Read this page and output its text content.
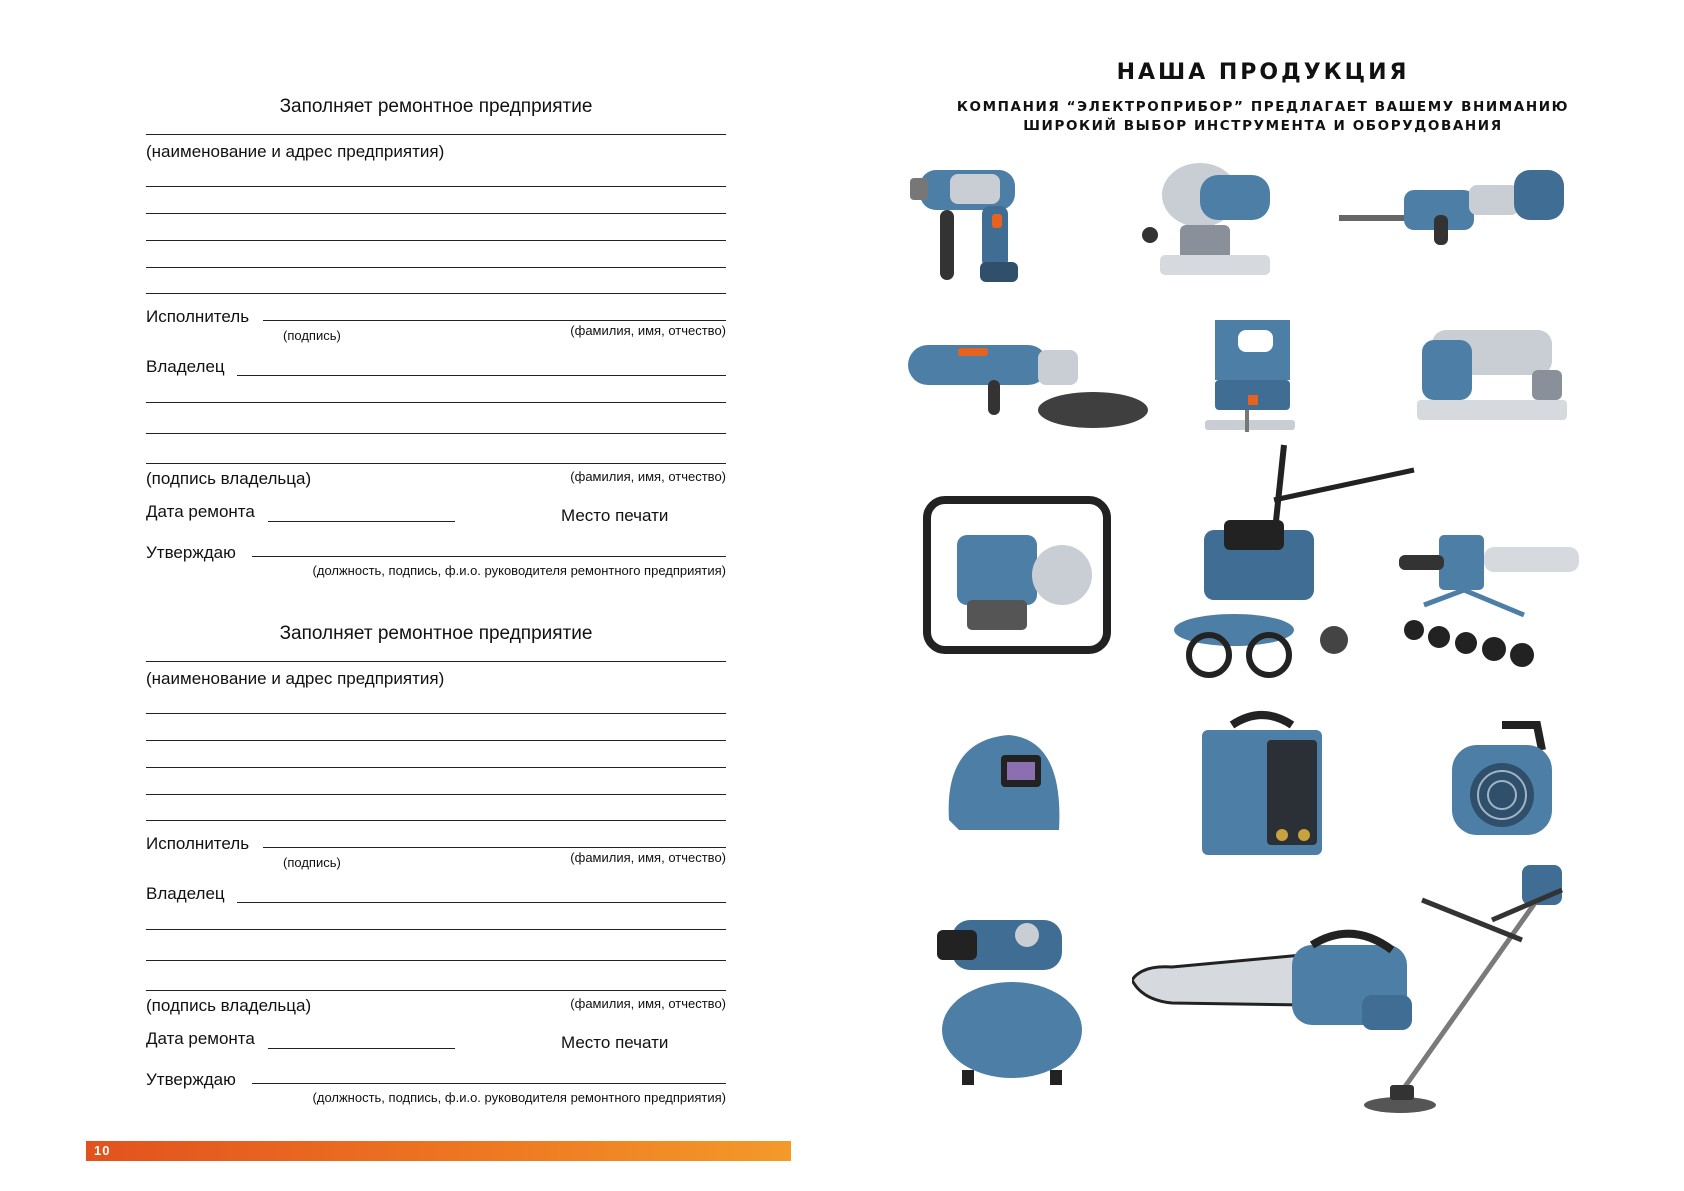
Заполняет ремонтное предприятие
(наименование и адрес предприятия)
Исполнитель
(подпись)	(фамилия, имя, отчество)
Владелец
(подпись владельца)	(фамилия, имя, отчество)
Дата ремонта	Место печати
Утверждаю
(должность, подпись, ф.и.о. руководителя ремонтного предприятия)
Заполняет ремонтное предприятие
(наименование и адрес предприятия)
Исполнитель
(подпись)	(фамилия, имя, отчество)
Владелец
(подпись владельца)	(фамилия, имя, отчество)
Дата ремонта	Место печати
Утверждаю
(должность, подпись, ф.и.о. руководителя ремонтного предприятия)
10
НАША ПРОДУКЦИЯ
КОМПАНИЯ “ЭЛЕКТРОПРИБОР” ПРЕДЛАГАЕТ ВАШЕМУ ВНИМАНИЮ
ШИРОКИЙ ВЫБОР ИНСТРУМЕНТА И ОБОРУДОВАНИЯ
